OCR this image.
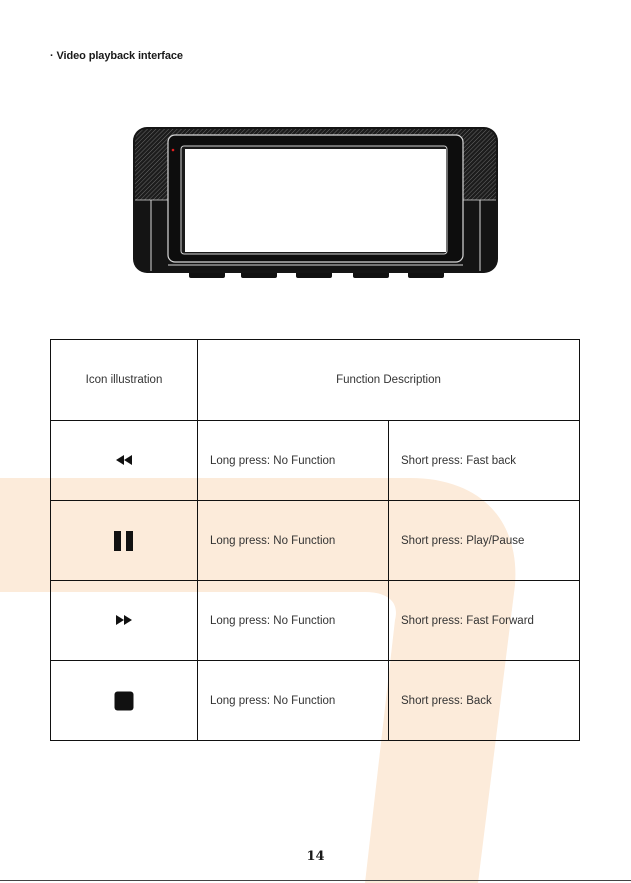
· Video playback interface
Icon illustration	Function Description	
	Long press: No Function	Short press: Fast back
	Long press: No Function	Short press: Play/Pause
	Long press: No Function	Short press: Fast Forward
	Long press: No Function	Short press: Back
14
